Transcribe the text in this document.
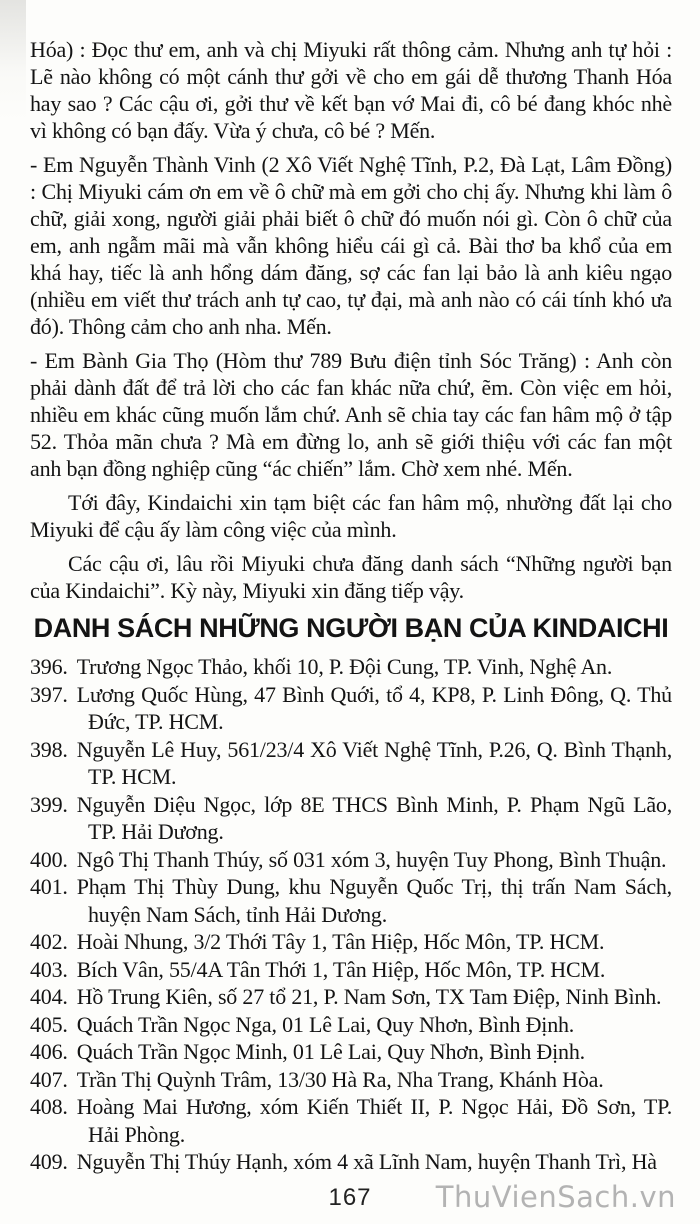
Hóa) : Đọc thư em, anh và chị Miyuki rất thông cảm. Nhưng anh tự hỏi : Lẽ nào không có một cánh thư gởi về cho em gái dễ thương Thanh Hóa hay sao ? Các cậu ơi, gởi thư về kết bạn vớ Mai đi, cô bé đang khóc nhè vì không có bạn đấy. Vừa ý chưa, cô bé ? Mến.

- Em Nguyễn Thành Vinh (2 Xô Viết Nghệ Tĩnh, P.2, Đà Lạt, Lâm Đồng) : Chị Miyuki cám ơn em về ô chữ mà em gởi cho chị ấy. Nhưng khi làm ô chữ, giải xong, người giải phải biết ô chữ đó muốn nói gì. Còn ô chữ của em, anh ngẫm mãi mà vẫn không hiểu cái gì cả. Bài thơ ba khổ của em khá hay, tiếc là anh hổng dám đăng, sợ các fan lại bảo là anh kiêu ngạo (nhiều em viết thư trách anh tự cao, tự đại, mà anh nào có cái tính khó ưa đó). Thông cảm cho anh nha. Mến.

- Em Bành Gia Thọ (Hòm thư 789 Bưu điện tỉnh Sóc Trăng) : Anh còn phải dành đất để trả lời cho các fan khác nữa chứ, ẽm. Còn việc em hỏi, nhiều em khác cũng muốn lắm chứ. Anh sẽ chia tay các fan hâm mộ ở tập 52. Thỏa mãn chưa ? Mà em đừng lo, anh sẽ giới thiệu với các fan một anh bạn đồng nghiệp cũng “ác chiến” lắm. Chờ xem nhé. Mến.

Tới đây, Kindaichi xin tạm biệt các fan hâm mộ, nhường đất lại cho Miyuki để cậu ấy làm công việc của mình.

Các cậu ơi, lâu rồi Miyuki chưa đăng danh sách “Những người bạn của Kindaichi”. Kỳ này, Miyuki xin đăng tiếp vậy.

DANH SÁCH NHỮNG NGƯỜI BẠN CỦA KINDAICHI
396. Trương Ngọc Thảo, khối 10, P. Đội Cung, TP. Vinh, Nghệ An.
397. Lương Quốc Hùng, 47 Bình Quới, tổ 4, KP8, P. Linh Đông, Q. Thủ Đức, TP. HCM.
398. Nguyễn Lê Huy, 561/23/4 Xô Viết Nghệ Tĩnh, P.26, Q. Bình Thạnh, TP. HCM.
399. Nguyễn Diệu Ngọc, lớp 8E THCS Bình Minh, P. Phạm Ngũ Lão, TP. Hải Dương.
400. Ngô Thị Thanh Thúy, số 031 xóm 3, huyện Tuy Phong, Bình Thuận.
401. Phạm Thị Thùy Dung, khu Nguyễn Quốc Trị, thị trấn Nam Sách, huyện Nam Sách, tỉnh Hải Dương.
402. Hoài Nhung, 3/2 Thới Tây 1, Tân Hiệp, Hốc Môn, TP. HCM.
403. Bích Vân, 55/4A Tân Thới 1, Tân Hiệp, Hốc Môn, TP. HCM.
404. Hồ Trung Kiên, số 27 tổ 21, P. Nam Sơn, TX Tam Điệp, Ninh Bình.
405. Quách Trần Ngọc Nga, 01 Lê Lai, Quy Nhơn, Bình Định.
406. Quách Trần Ngọc Minh, 01 Lê Lai, Quy Nhơn, Bình Định.
407. Trần Thị Quỳnh Trâm, 13/30 Hà Ra, Nha Trang, Khánh Hòa.
408. Hoàng Mai Hương, xóm Kiến Thiết II, P. Ngọc Hải, Đồ Sơn, TP. Hải Phòng.
409. Nguyễn Thị Thúy Hạnh, xóm 4 xã Lĩnh Nam, huyện Thanh Trì, Hà
167	ThuVienSach.vn
